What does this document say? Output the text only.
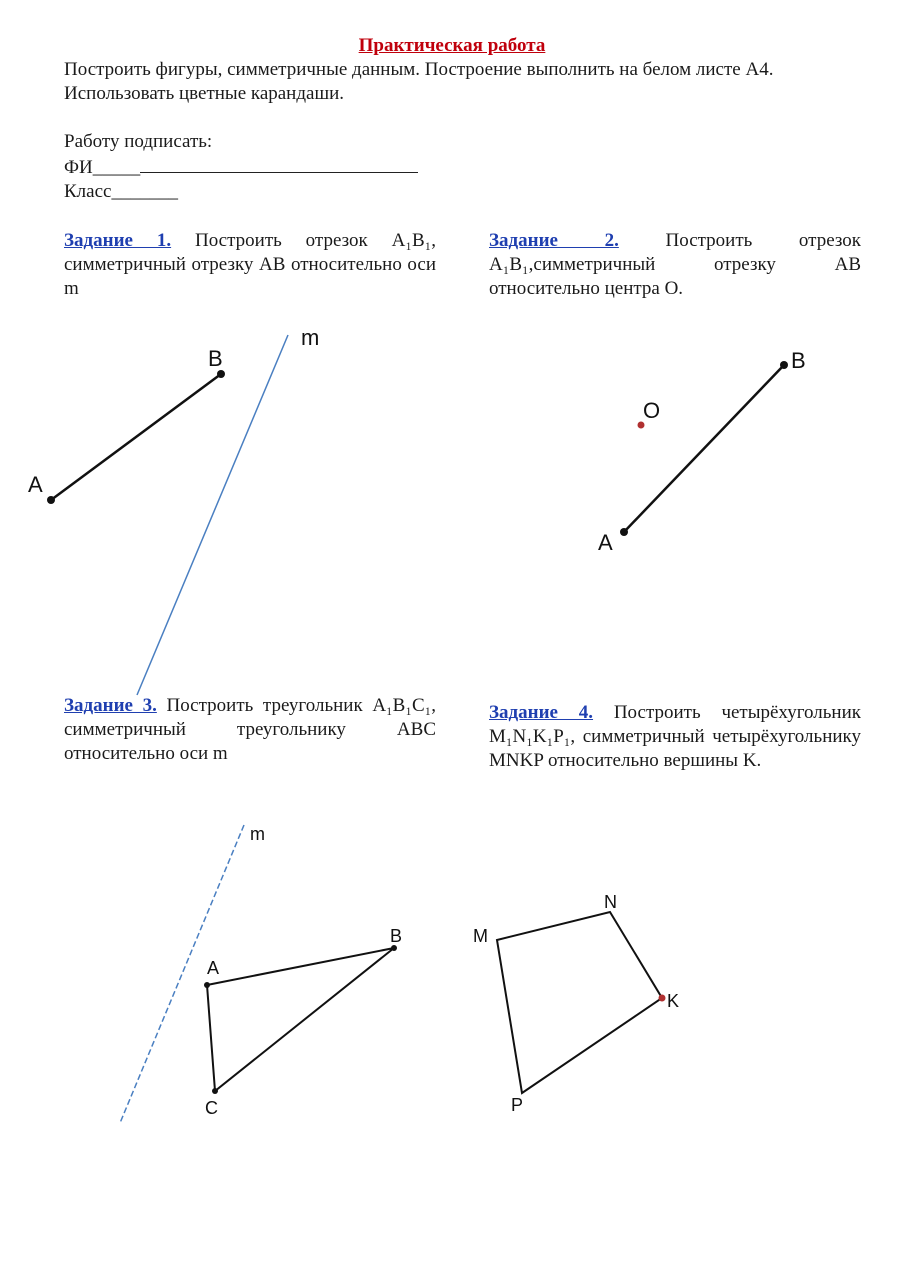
Практическая работа

Построить фигуры, симметричные данным. Построение выполнить на белом листе А4.

Использовать цветные карандаши.

Работу подписать:

ФИ_____

Класс_______

Задание 1. Построить отрезок A₁B₁, симметричный отрезку АВ относительно оси m
Задание 2. Построить отрезок A₁B₁,симметричный отрезку АВ относительно центра О.
Задание 3. Построить треугольник A₁B₁C₁, симметричный треугольнику АВС относительно оси m
Задание 4. Построить четырёхугольник M₁N₁K₁P₁, симметричный четырёхугольнику MNKP относительно вершины K.
A
B
m
A
B
O
A
B
C
m
M
N
K
P
